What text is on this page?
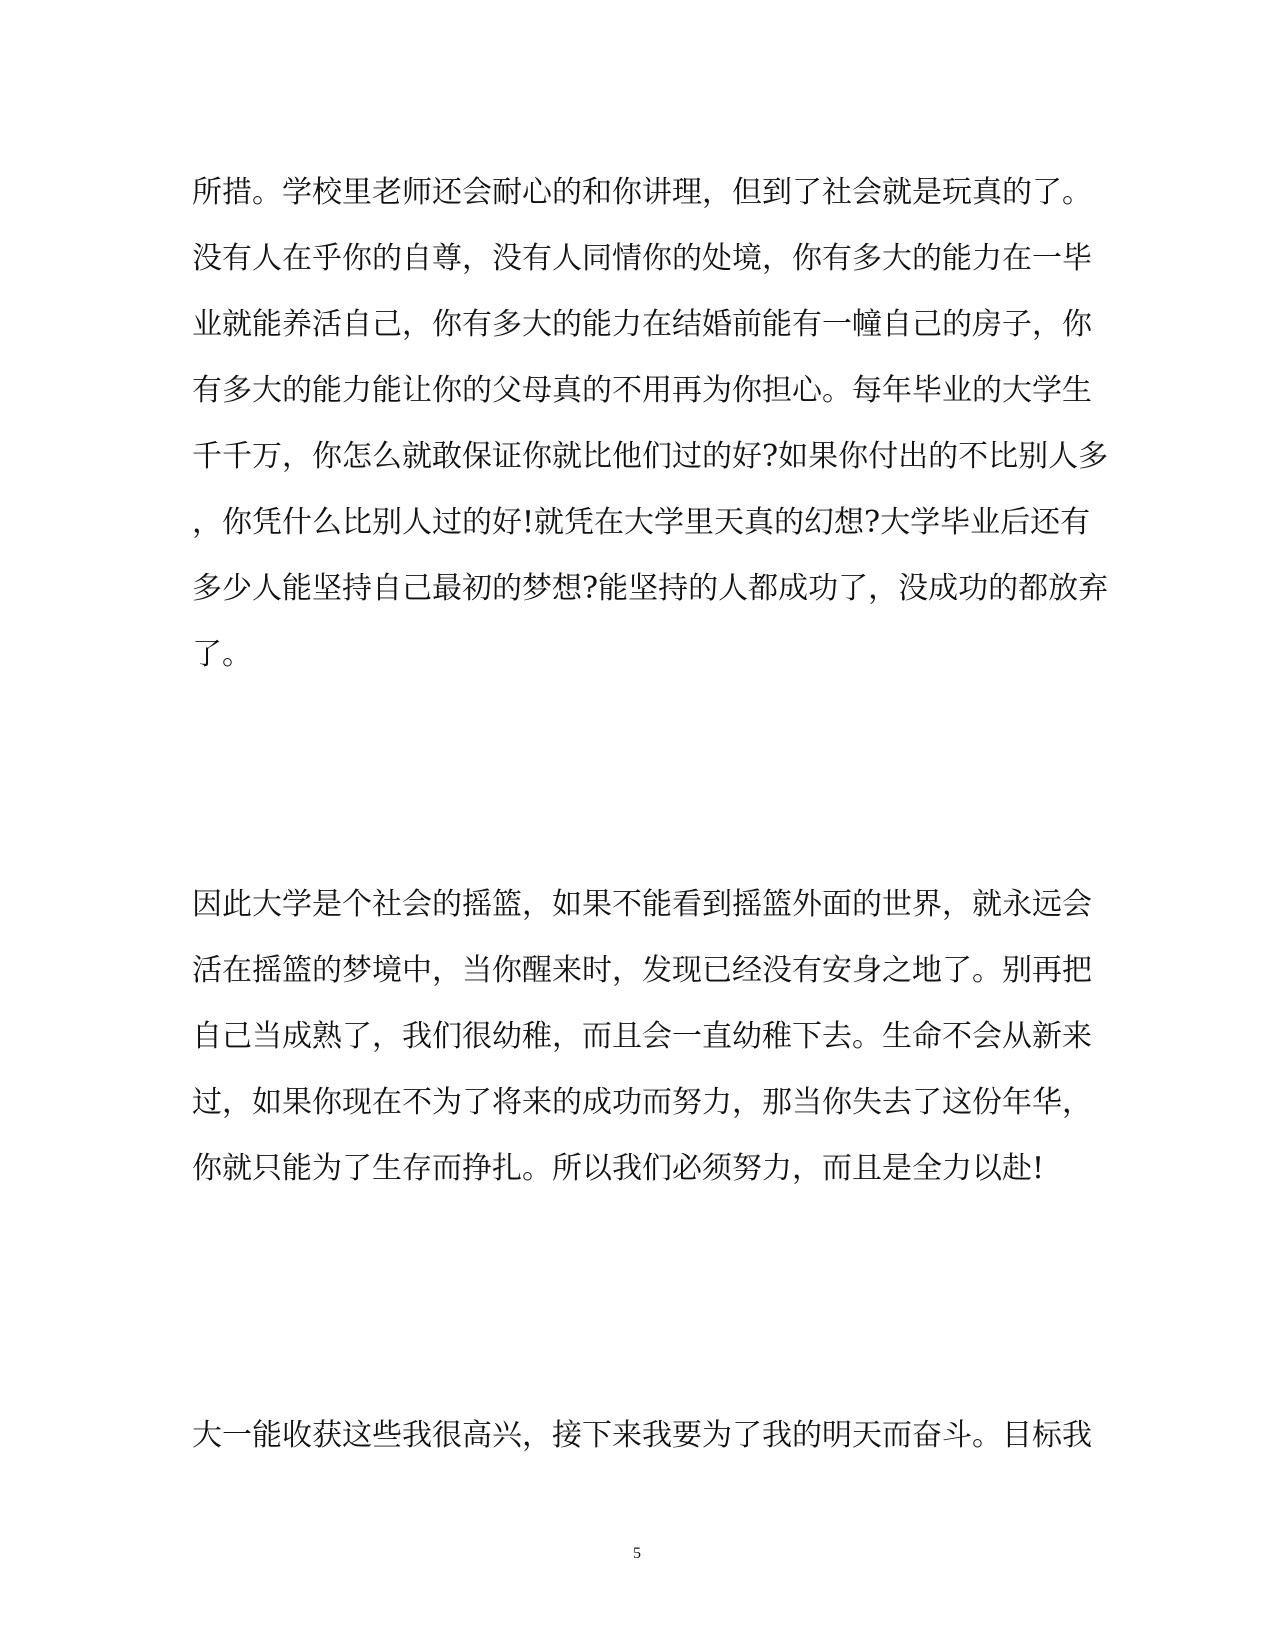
所措。学校里老师还会耐心的和你讲理，但到了社会就是玩真的了。
没有人在乎你的自尊，没有人同情你的处境，你有多大的能力在一毕
业就能养活自己，你有多大的能力在结婚前能有一幢自己的房子，你
有多大的能力能让你的父母真的不用再为你担心。每年毕业的大学生
千千万，你怎么就敢保证你就比他们过的好?如果你付出的不比别人多
，你凭什么比别人过的好!就凭在大学里天真的幻想?大学毕业后还有
多少人能坚持自己最初的梦想?能坚持的人都成功了，没成功的都放弃
了。
因此大学是个社会的摇篮，如果不能看到摇篮外面的世界，就永远会
活在摇篮的梦境中，当你醒来时，发现已经没有安身之地了。别再把
自己当成熟了，我们很幼稚，而且会一直幼稚下去。生命不会从新来
过，如果你现在不为了将来的成功而努力，那当你失去了这份年华，
你就只能为了生存而挣扎。所以我们必须努力，而且是全力以赴!
大一能收获这些我很高兴，接下来我要为了我的明天而奋斗。目标我
5
